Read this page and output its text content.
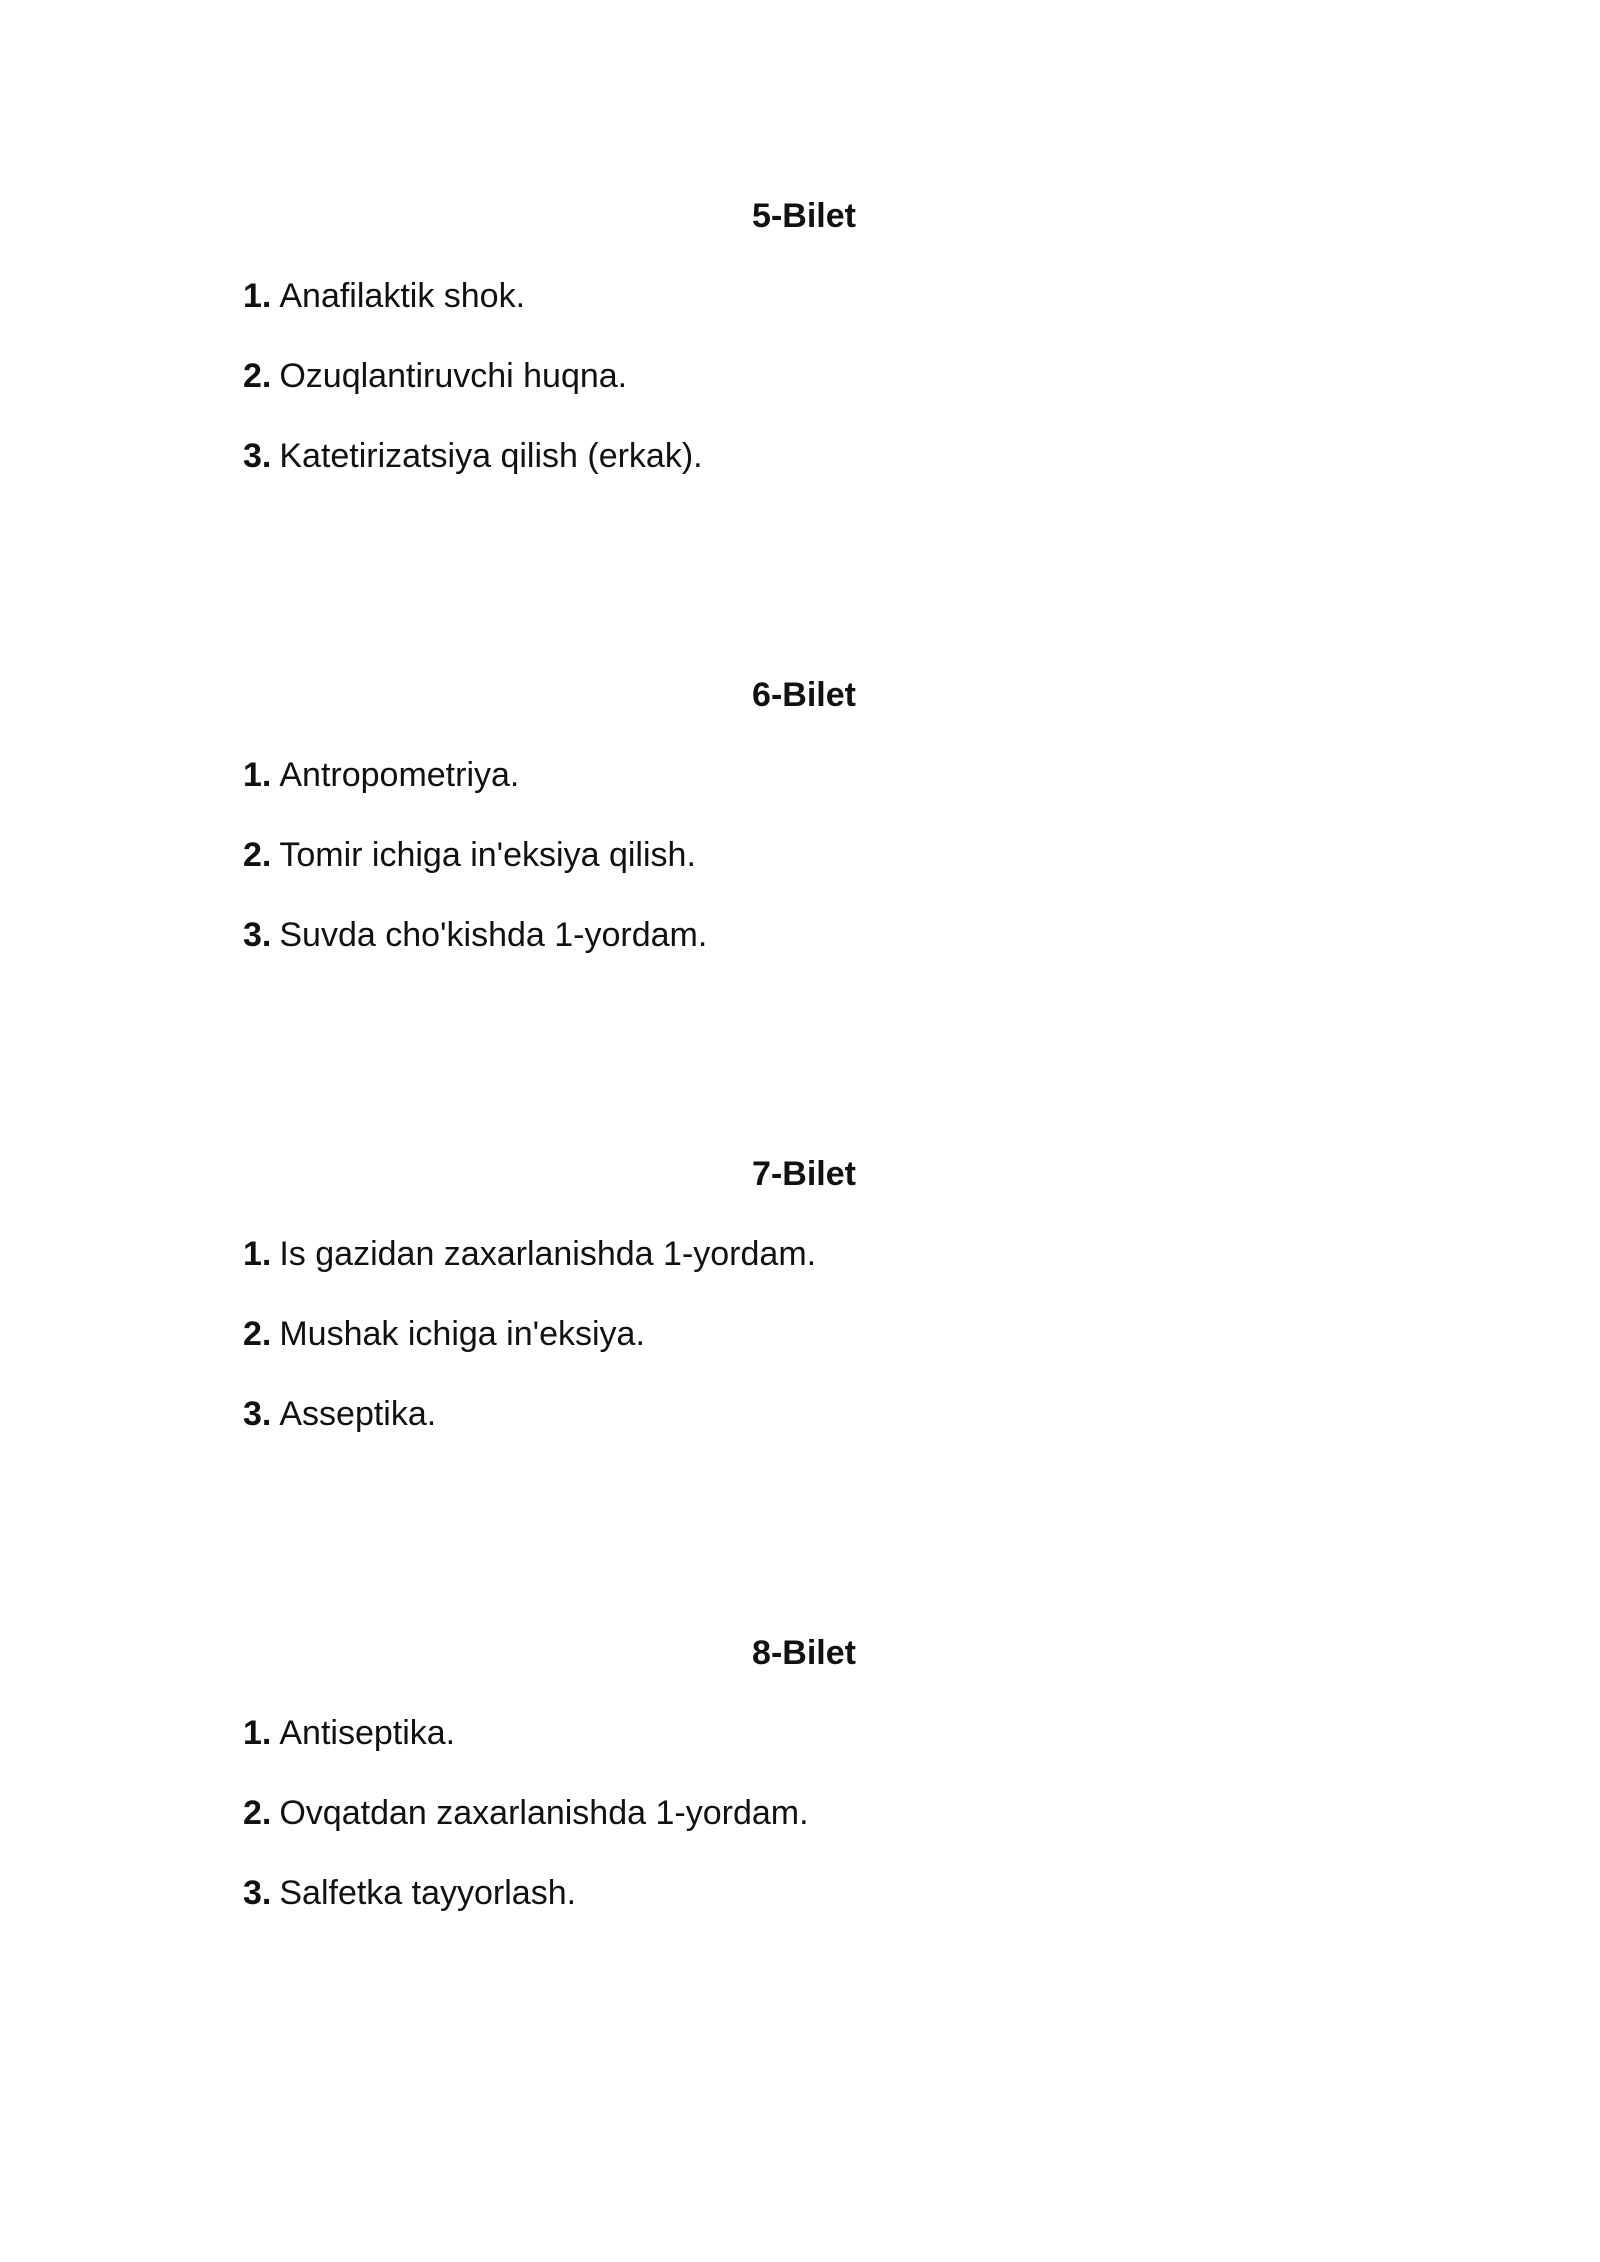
5-Bilet
1. Anafilaktik shok.
2. Ozuqlantiruvchi huqna.
3. Katetirizatsiya qilish (erkak).
6-Bilet
1. Antropometriya.
2. Tomir ichiga in'eksiya qilish.
3. Suvda cho'kishda 1-yordam.
7-Bilet
1. Is gazidan zaxarlanishda 1-yordam.
2. Mushak ichiga in'eksiya.
3. Asseptika.
8-Bilet
1. Antiseptika.
2. Ovqatdan zaxarlanishda 1-yordam.
3. Salfetka tayyorlash.
